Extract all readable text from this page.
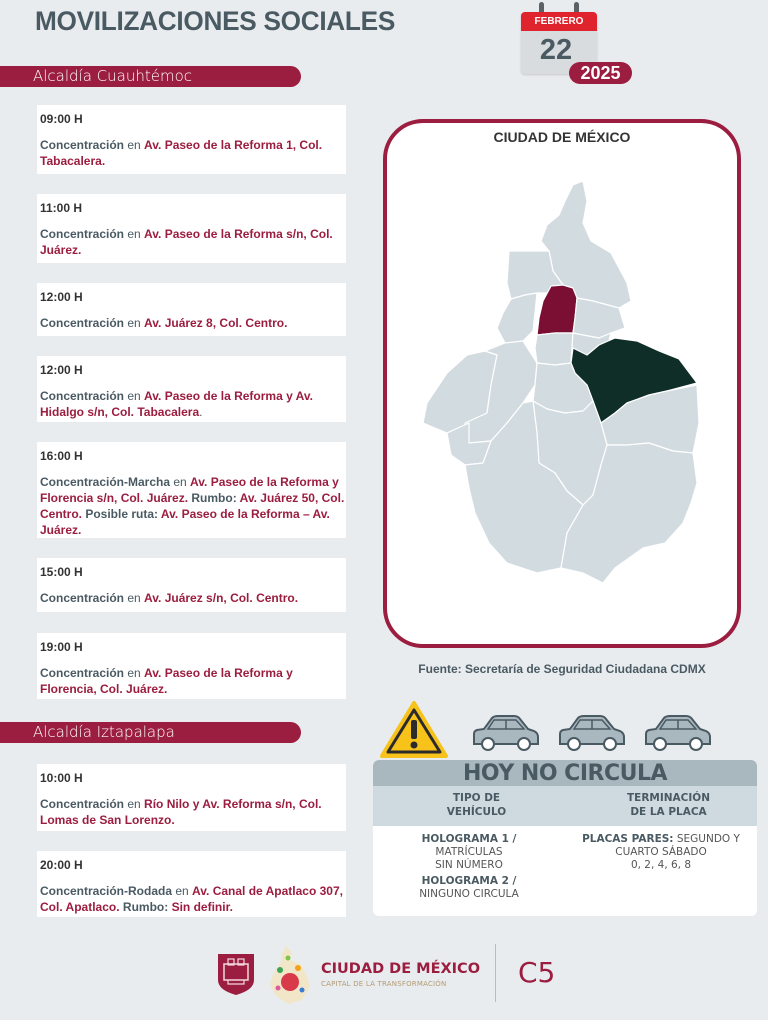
MOVILIZACIONES SOCIALES	FEBRERO
22
2025
Alcaldía Cuauhtémoc
09:00 H
Concentración en Av. Paseo de la Reforma 1, Col. Tabacalera.
11:00 H
Concentración en Av. Paseo de la Reforma s/n, Col. Juárez.
12:00 H
Concentración en Av. Juárez 8, Col. Centro.
12:00 H
Concentración en Av. Paseo de la Reforma y Av. Hidalgo s/n, Col. Tabacalera.
16:00 H
Concentración-Marcha en Av. Paseo de la Reforma y Florencia s/n, Col. Juárez. Rumbo: Av. Juárez 50, Col. Centro. Posible ruta: Av. Paseo de la Reforma – Av. Juárez.
15:00 H
Concentración en Av. Juárez s/n, Col. Centro.
19:00 H
Concentración en Av. Paseo de la Reforma y Florencia, Col. Juárez.
Alcaldía Iztapalapa
10:00 H
Concentración en Río Nilo y Av. Reforma s/n, Col. Lomas de San Lorenzo.
20:00 H
Concentración-Rodada en Av. Canal de Apatlaco 307, Col. Apatlaco. Rumbo: Sin definir.
CIUDAD DE MÉXICO
Fuente: Secretaría de Seguridad Ciudadana CDMX
HOY NO CIRCULA
TIPO DE VEHÍCULO
TERMINACIÓN DE LA PLACA
HOLOGRAMA 1 /
MATRÍCULAS SIN NÚMERO
HOLOGRAMA 2 /
NINGUNO CIRCULA
PLACAS PARES: SEGUNDO Y CUARTO SÁBADO
0, 2, 4, 6, 8
CIUDAD DE MÉXICO
CAPITAL DE LA TRANSFORMACIÓN	C5
